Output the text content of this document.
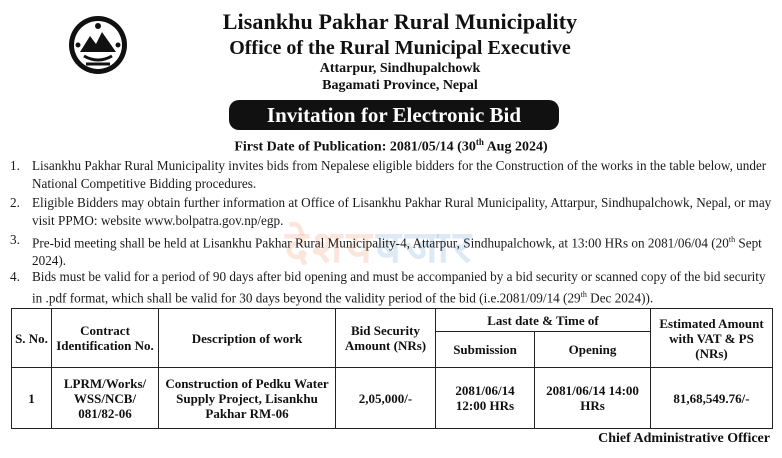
Lisankhu Pakhar Rural Municipality
Office of the Rural Municipal Executive
Attarpur, Sindhupalchowk
Bagamati Province, Nepal
Invitation for Electronic Bid
First Date of Publication: 2081/05/14 (30th Aug 2024)
देशयबजार
1. Lisankhu Pakhar Rural Municipality invites bids from Nepalese eligible bidders for the Construction of the works in the table below, under National Competitive Bidding procedures.
2. Eligible Bidders may obtain further information at Office of Lisankhu Pakhar Rural Municipality, Attarpur, Sindhupalchowk, Nepal, or may visit PPMO: website www.bolpatra.gov.np/egp.
3. Pre-bid meeting shall be held at Lisankhu Pakhar Rural Municipality-4, Attarpur, Sindhupalchowk, at 13:00 HRs on 2081/06/04 (20th Sept 2024).
4. Bids must be valid for a period of 90 days after bid opening and must be accompanied by a bid security or scanned copy of the bid security in .pdf format, which shall be valid for 30 days beyond the validity period of the bid (i.e.2081/09/14 (29th Dec 2024)).
S. No.	Contract Identification No.	Description of work	Bid Security Amount (NRs)	Last date & Time of		Estimated Amount with VAT & PS (NRs)
				Submission	Opening	
1	LPRM/Works/ WSS/NCB/ 081/82-06	Construction of Pedku Water Supply Project, Lisankhu Pakhar RM-06	2,05,000/-	2081/06/14 12:00 HRs	2081/06/14 14:00 HRs	81,68,549.76/-
Chief Administrative Officer
